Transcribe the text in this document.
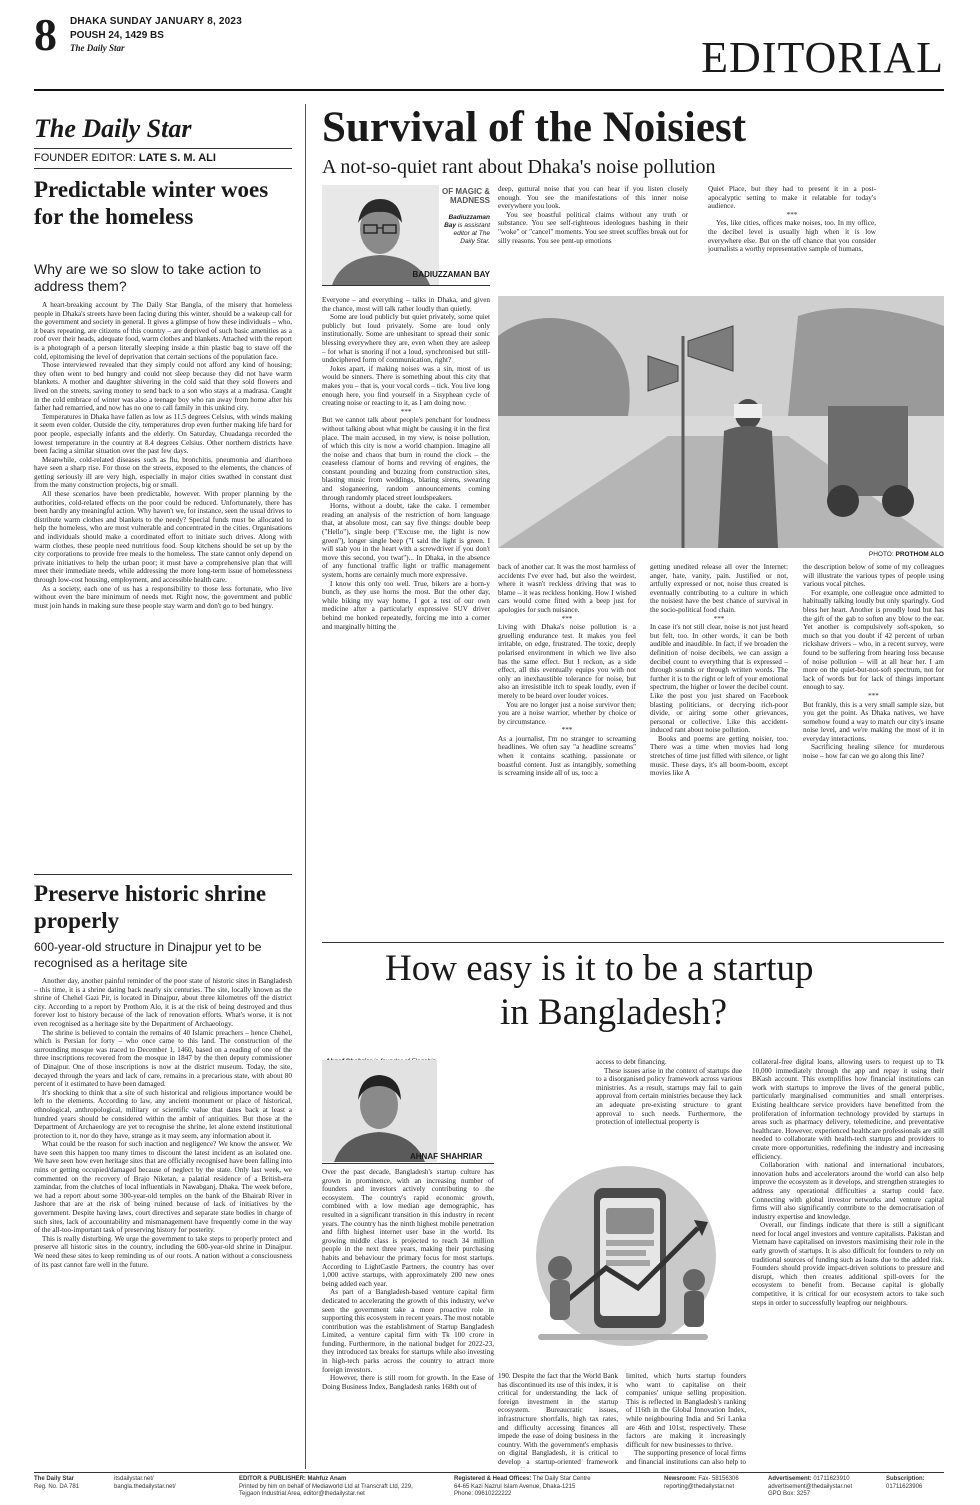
8 DHAKA SUNDAY JANUARY 8, 2023
POUSH 24, 1429 BS
The Daily Star	EDITORIAL
The Daily Star
FOUNDER EDITOR: LATE S. M. ALI
Predictable winter woes for the homeless
Why are we so slow to take action to address them?

A heart-breaking account by The Daily Star Bangla, of the misery that homeless people in Dhaka's streets have been facing during this winter, should be a wakeup call for the government and society in general. It gives a glimpse of how these individuals – who, it bears repeating, are citizens of this country – are deprived of such basic amenities as a roof over their heads, adequate food, warm clothes and blankets. Attached with the report is a photograph of a person literally sleeping inside a thin plastic bag to stave off the cold, epitomising the level of deprivation that certain sections of the population face.

Those interviewed revealed that they simply could not afford any kind of housing; they often went to bed hungry and could not sleep because they did not have warm blankets. A mother and daughter shivering in the cold said that they sold flowers and lived on the streets, saving money to send back to a son who stays at a madrasa. Caught in the cold embrace of winter was also a teenage boy who ran away from home after his father had remarried, and now has no one to call family in this unkind city.

Temperatures in Dhaka have fallen as low as 11.5 degrees Celsius, with winds making it seem even colder. Outside the city, temperatures drop even further making life hard for poor people, especially infants and the elderly. On Saturday, Chuadanga recorded the lowest temperature in the country at 8.4 degrees Celsius. Other northern districts have been facing a similar situation over the past few days.

Meanwhile, cold-related diseases such as flu, bronchitis, pneumonia and diarrhoea have seen a sharp rise. For those on the streets, exposed to the elements, the chances of getting seriously ill are very high, especially in major cities swathed in constant dust from the many construction projects, big or small.

All these scenarios have been predictable, however. With proper planning by the authorities, cold-related effects on the poor could be reduced. Unfortunately, there has been hardly any meaningful action. Why haven't we, for instance, seen the usual drives to distribute warm clothes and blankets to the needy? Special funds must be allocated to help the homeless, who are most vulnerable and concentrated in the cities. Organisations and individuals should make a coordinated effort to initiate such drives. Along with warm clothes, these people need nutritious food. Soup kitchens should be set up by the city corporations to provide free meals to the homeless. The state cannot only depend on private initiatives to help the urban poor; it must have a comprehensive plan that will meet their immediate needs, while addressing the more long-term issue of homelessness through low-cost housing, employment, and accessible health care.

As a society, each one of us has a responsibility to those less fortunate, who live without even the bare minimum of needs met. Right now, the government and public must join hands in making sure these people stay warm and don't go to bed hungry.

Preserve historic shrine properly
600-year-old structure in Dinajpur yet to be recognised as a heritage site

Another day, another painful reminder of the poor state of historic sites in Bangladesh – this time, it is a shrine dating back nearly six centuries. The site, locally known as the shrine of Chehel Gazi Pir, is located in Dinajpur, about three kilometres off the district city. According to a report by Prothom Alo, it is at the risk of being destroyed and thus forever lost to history because of the lack of renovation efforts. What's worse, it is not even recognised as a heritage site by the Department of Archaeology.

The shrine is believed to contain the remains of 40 Islamic preachers – hence Chehel, which is Persian for forty – who once came to this land. The construction of the surrounding mosque was traced to December 1, 1460, based on a reading of one of the three inscriptions recovered from the mosque in 1847 by the then deputy commissioner of Dinajpur. One of those inscriptions is now at the district museum. Today, the site, decayed through the years and lack of care, remains in a precarious state, with about 80 percent of it estimated to have been damaged.

It's shocking to think that a site of such historical and religious importance would be left to the elements. According to law, any ancient monument or place of historical, ethnological, anthropological, military or scientific value that dates back at least a hundred years should be considered within the ambit of antiquities. But those at the Department of Archaeology are yet to recognise the shrine, let alone extend institutional protection to it, nor do they have, strange as it may seem, any information about it.

What could be the reason for such inaction and negligence? We know the answer. We have seen this happen too many times to discount the latest incident as an isolated one. We have seen how even heritage sites that are officially recognised have been falling into ruins or getting occupied/damaged because of neglect by the state. Only last week, we commented on the recovery of Brajo Niketan, a palatial residence of a British-era zamindar, from the clutches of local influentials in Nawabganj, Dhaka. The week before, we had a report about some 300-year-old temples on the bank of the Bhairab River in Jashore that are at the risk of being ruined because of lack of initiatives by the government. Despite having laws, court directives and separate state bodies in charge of such sites, lack of accountability and mismanagement have frequently come in the way of the all-too-important task of preserving history for posterity.

This is really disturbing. We urge the government to take steps to properly protect and preserve all historic sites in the country, including the 600-year-old shrine in Dinajpur. We need these sites to keep reminding us of our roots. A nation without a consciousness of its past cannot fare well in the future.

Survival of the Noisiest
A not-so-quiet rant about Dhaka's noise pollution
OF MAGIC & MADNESS
Badiuzzaman Bay is assistant editor at The Daily Star.
BADIUZZAMAN BAY

deep, guttural noise that you can hear if you listen closely enough. You see the manifestations of this inner noise everywhere you look.

You see boastful political claims without any truth or substance. You see self-righteous ideologues bashing in their "woke" or "cancel" moments. You see street scuffles break out for silly reasons. You see pent-up emotions

Quiet Place, but they had to present it in a post-apocalyptic setting to make it relatable for today's audience.

***

Yes, like cities, offices make noises, too. In my office, the decibel level is usually high when it is low everywhere else. But on the off chance that you consider journalists a worthy representative sample of humans,

Everyone – and everything – talks in Dhaka, and given the chance, most will talk rather loudly than quietly.

Some are loud publicly but quiet privately, some quiet publicly but loud privately. Some are loud only institutionally. Some are unhesitant to spread their sonic blessing everywhere they are, even when they are asleep – for what is snoring if not a loud, synchronised but still-undeciphered form of communication, right?

Jokes apart, if making noises was a sin, most of us would be sinners. There is something about this city that makes you – that is, your vocal cords – tick. You live long enough here, you find yourself in a Sisyphean cycle of creating noise or reacting to it, as I am doing now.

***

But we cannot talk about people's penchant for loudness without talking about what might be causing it in the first place. The main accused, in my view, is noise pollution, of which this city is now a world champion. Imagine all the noise and chaos that burn in round the clock – the ceaseless clamour of horns and revving of engines, the constant pounding and buzzing from construction sites, blasting music from weddings, blaring sirens, swearing and sloganeering, random announcements coming through randomly placed street loudspeakers.

Horns, without a doubt, take the cake. I remember reading an analysis of the restriction of horn language that, at absolute most, can say five things: double beep ("Hello"), single beep ("Excuse me, the light is now green"), longer single beep ("I said the light is green. I will stab you in the heart with a screwdriver if you don't move this second, you twat")... In Dhaka, in the absence of any functional traffic light or traffic management system, horns are certainly much more expressive.

I know this only too well. True, bikers are a horn-y bunch, as they use horns the most. But the other day, while biking my way home, I got a test of our own medicine after a particularly expressive SUV driver behind me honked repeatedly, forcing me into a corner and marginally hitting the

PHOTO: PROTHOM ALO

back of another car. It was the most harmless of accidents I've ever had, but also the weirdest, where it wasn't reckless driving that was to blame – it was reckless honking. How I wished cars would come fitted with a beep just for apologies for such nuisance.

***

Living with Dhaka's noise pollution is a gruelling endurance test. It makes you feel irritable, on edge, frustrated. The toxic, deeply polarised environment in which we live also has the same effect. But I reckon, as a side effect, all this eventually equips you with not only an inexhaustible tolerance for noise, but also an irresistible itch to speak loudly, even if merely to be heard over louder voices.

You are no longer just a noise survivor then; you are a noise warrior, whether by choice or by circumstance.

***

As a journalist, I'm no stranger to screaming headlines. We often say "a headline screams" when it contains scathing, passionate or boastful content. Just as intangibly, something is screaming inside all of us, too: a

getting unedited release all over the Internet: anger, hate, vanity, pain. Justified or not, artfully expressed or not, noise thus created is eventually contributing to a culture in which the noisiest have the best chance of survival in the socio-political food chain.

***

In case it's not still clear, noise is not just heard but felt, too. In other words, it can be both audible and inaudible. In fact, if we broaden the definition of noise decibels, we can assign a decibel count to everything that is expressed – through sounds or through written words. The further it is to the right or left of your emotional spectrum, the higher or lower the decibel count. Like the post you just shared on Facebook blasting politicians, or decrying rich-poor divide, or airing some other grievances, personal or collective. Like this accident-induced rant about noise pollution.

Books and poems are getting noisier, too. There was a time when movies had long stretches of time just filled with silence, or light music. These days, it's all boom-boom, except movies like A

the description below of some of my colleagues will illustrate the various types of people using various vocal pitches.

For example, one colleague once admitted to habitually talking loudly but only sparingly. God bless her heart. Another is proudly loud but has the gift of the gab to soften any blow to the ear. Yet another is compulsively soft-spoken, so much so that you doubt if 42 percent of urban rickshaw drivers – who, in a recent survey, were found to be suffering from hearing loss because of noise pollution – will at all hear her. I am more on the quiet-but-not-soft spectrum, not for lack of words but for lack of things important enough to say.

***

But frankly, this is a very small sample size, but you get the point. As Dhaka natives, we have somehow found a way to match our city's insane noise level, and we're making the most of it in everyday interactions.

Sacrificing healing silence for murderous noise – how far can we go along this line?

How easy is it to be a startup
in Bangladesh?
AHNAF SHAHRIAR

Over the past decade, Bangladesh's startup culture has grown in prominence, with an increasing number of founders and investors actively contributing to the ecosystem. The country's rapid economic growth, combined with a low median age demographic, has resulted in a significant transition in this industry in recent years. The country has the ninth highest mobile penetration and fifth highest internet user base in the world. Its growing middle class is projected to reach 34 million people in the next three years, making their purchasing habits and behaviour the primary focus for most startups. According to LightCastle Partners, the country has over 1,000 active startups, with approximately 200 new ones being added each year.

As part of a Bangladesh-based venture capital firm dedicated to accelerating the growth of this industry, we've seen the government take a more proactive role in supporting this ecosystem in recent years. The most notable contribution was the establishment of Startup Bangladesh Limited, a venture capital firm with Tk 100 crore in funding. Furthermore, in the national budget for 2022-23, they introduced tax breaks for startups while also investing in high-tech parks across the country to attract more foreign investors.

However, there is still room for growth. In the Ease of Doing Business Index, Bangladesh ranks 168th out of

access to debt financing.

These issues arise in the context of startups due to a disorganised policy framework across various ministries. As a result, startups may fail to gain approval from certain ministries because they lack an adequate pre-existing structure to grant approval to such needs. Furthermore, the protection of intellectual property is

190. Despite the fact that the World Bank has discontinued its use of this index, it is critical for understanding the lack of foreign investment in the startup ecosystem. Bureaucratic issues, infrastructure shortfalls, high tax rates, and difficulty accessing finances all impede the ease of doing business in the country. With the government's emphasis on digital Bangladesh, it is critical to develop a startup-oriented framework

limited, which hurts startup founders who want to capitalise on their companies' unique selling proposition. This is reflected in Bangladesh's ranking of 116th in the Global Innovation Index, while neighbouring India and Sri Lanka are 46th and 101st, respectively. These factors are making it increasingly difficult for new businesses to thrive.

The supporting presence of local firms and financial institutions can also help to

collateral-free digital loans, allowing users to request up to Tk 10,000 immediately through the app and repay it using their BKash account. This exemplifies how financial institutions can work with startups to improve the lives of the general public, particularly marginalised communities and small enterprises. Existing healthcare service providers have benefitted from the proliferation of information technology provided by startups in areas such as pharmacy delivery, telemedicine, and preventative healthcare. However, experienced healthcare professionals are still needed to collaborate with health-tech startups and providers to create more opportunities, redefining the industry and increasing efficiency.

Collaboration with national and international incubators, innovation hubs and accelerators around the world can also help improve the ecosystem as it develops, and strengthen strategies to address any operational difficulties a startup could face. Connecting with global investor networks and venture capital firms will also significantly contribute to the democratisation of industry expertise and knowledge.

Overall, our findings indicate that there is still a significant need for local angel investors and venture capitalists. Pakistan and Vietnam have capitalised on investors maximising their role in the early growth of startups. It is also difficult for founders to rely on traditional sources of funding such as loans due to the added risk. Founders should provide impact-driven solutions to pressure and disrupt, which then creates additional spill-overs for the ecosystem to benefit from. Because capital is globally competitive, it is critical for our ecosystem actors to take such steps in order to successfully leapfrog our neighbours.

The Daily Star
Reg. No. DA 781
itsdailystar.net/
bangla.thedailystar.net/
EDITOR & PUBLISHER: Mahfuz Anam
Printed by him on behalf of Mediaworld Ltd at Transcraft Ltd, 229,
Tejgaon Industrial Area, editor@thedailystar.net
Registered & Head Offices: The Daily Star Centre
64-65 Kazi Nazrul Islam Avenue, Dhaka-1215
Phone: 09610222222
Newsroom: Fax- 58156306
reporting@thedailystar.net
Advertisement: 01711623910
advertisement@thedailystar.net
GPO Box: 3257
Subscription:
01711623906
